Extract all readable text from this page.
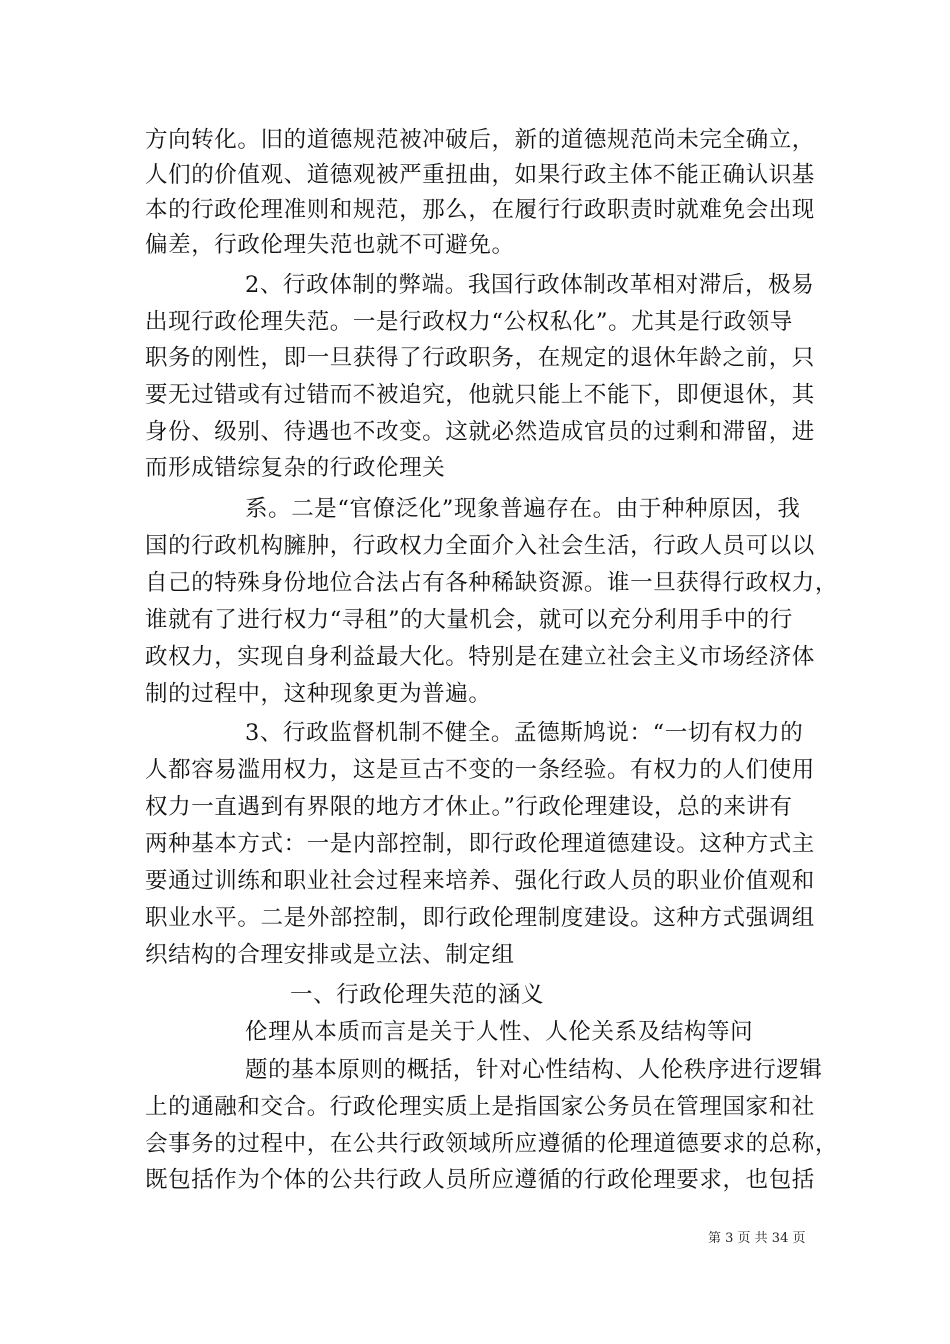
方向转化。旧的道德规范被冲破后，新的道德规范尚未完全确立，
人们的价值观、道德观被严重扭曲，如果行政主体不能正确认识基
本的行政伦理准则和规范，那么，在履行行政职责时就难免会出现
偏差，行政伦理失范也就不可避免。
2、行政体制的弊端。我国行政体制改革相对滞后，极易
出现行政伦理失范。一是行政权力“公权私化”。尤其是行政领导
职务的刚性，即一旦获得了行政职务，在规定的退休年龄之前，只
要无过错或有过错而不被追究，他就只能上不能下，即便退休，其
身份、级别、待遇也不改变。这就必然造成官员的过剩和滞留，进
而形成错综复杂的行政伦理关
系。二是“官僚泛化”现象普遍存在。由于种种原因，我
国的行政机构臃肿，行政权力全面介入社会生活，行政人员可以以
自己的特殊身份地位合法占有各种稀缺资源。谁一旦获得行政权力，
谁就有了进行权力“寻租”的大量机会，就可以充分利用手中的行
政权力，实现自身利益最大化。特别是在建立社会主义市场经济体
制的过程中，这种现象更为普遍。
3、行政监督机制不健全。孟德斯鸠说：“一切有权力的
人都容易滥用权力，这是亘古不变的一条经验。有权力的人们使用
权力一直遇到有界限的地方才休止。”行政伦理建设，总的来讲有
两种基本方式：一是内部控制，即行政伦理道德建设。这种方式主
要通过训练和职业社会过程来培养、强化行政人员的职业价值观和
职业水平。二是外部控制，即行政伦理制度建设。这种方式强调组
织结构的合理安排或是立法、制定组
一、行政伦理失范的涵义
伦理从本质而言是关于人性、人伦关系及结构等问
题的基本原则的概括，针对心性结构、人伦秩序进行逻辑
上的通融和交合。行政伦理实质上是指国家公务员在管理国家和社
会事务的过程中，在公共行政领域所应遵循的伦理道德要求的总称，
既包括作为个体的公共行政人员所应遵循的行政伦理要求，也包括
第 3 页 共 34 页
